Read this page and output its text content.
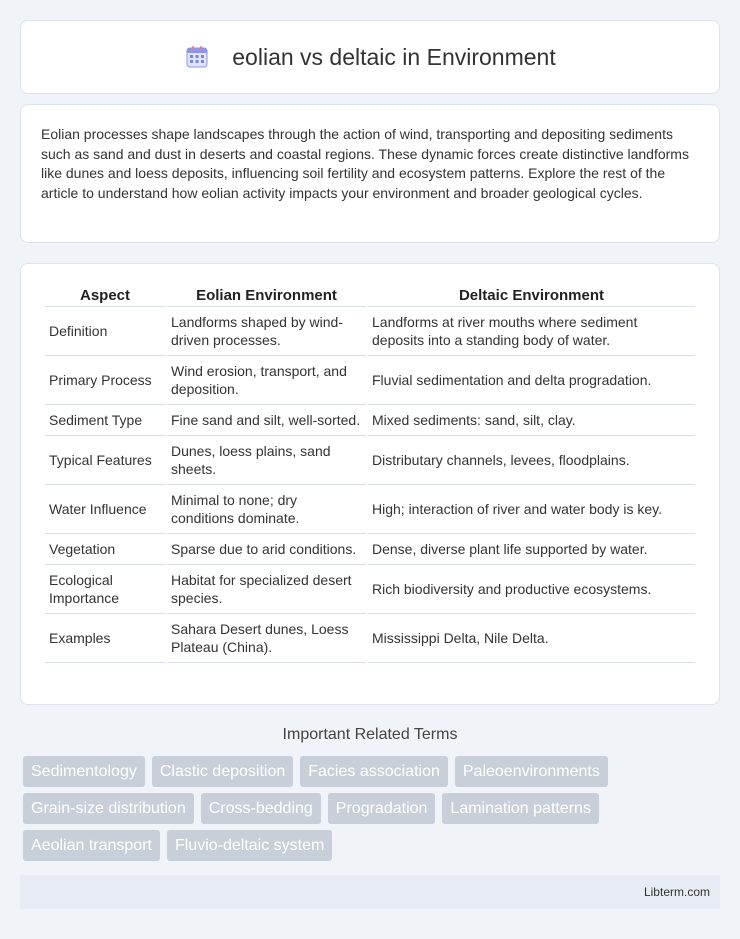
eolian vs deltaic in Environment

Eolian processes shape landscapes through the action of wind, transporting and depositing sediments such as sand and dust in deserts and coastal regions. These dynamic forces create distinctive landforms like dunes and loess deposits, influencing soil fertility and ecosystem patterns. Explore the rest of the article to understand how eolian activity impacts your environment and broader geological cycles.

Aspect	Eolian Environment	Deltaic Environment
Definition	Landforms shaped by wind-driven processes.	Landforms at river mouths where sediment deposits into a standing body of water.
Primary Process	Wind erosion, transport, and deposition.	Fluvial sedimentation and delta progradation.
Sediment Type	Fine sand and silt, well-sorted.	Mixed sediments: sand, silt, clay.
Typical Features	Dunes, loess plains, sand sheets.	Distributary channels, levees, floodplains.
Water Influence	Minimal to none; dry conditions dominate.	High; interaction of river and water body is key.
Vegetation	Sparse due to arid conditions.	Dense, diverse plant life supported by water.
Ecological Importance	Habitat for specialized desert species.	Rich biodiversity and productive ecosystems.
Examples	Sahara Desert dunes, Loess Plateau (China).	Mississippi Delta, Nile Delta.
Important Related Terms
Sedimentology	Clastic deposition	Facies association	Paleoenvironments
Grain-size distribution	Cross-bedding	Progradation	Lamination patterns
Aeolian transport	Fluvio-deltaic system
Libterm.com
